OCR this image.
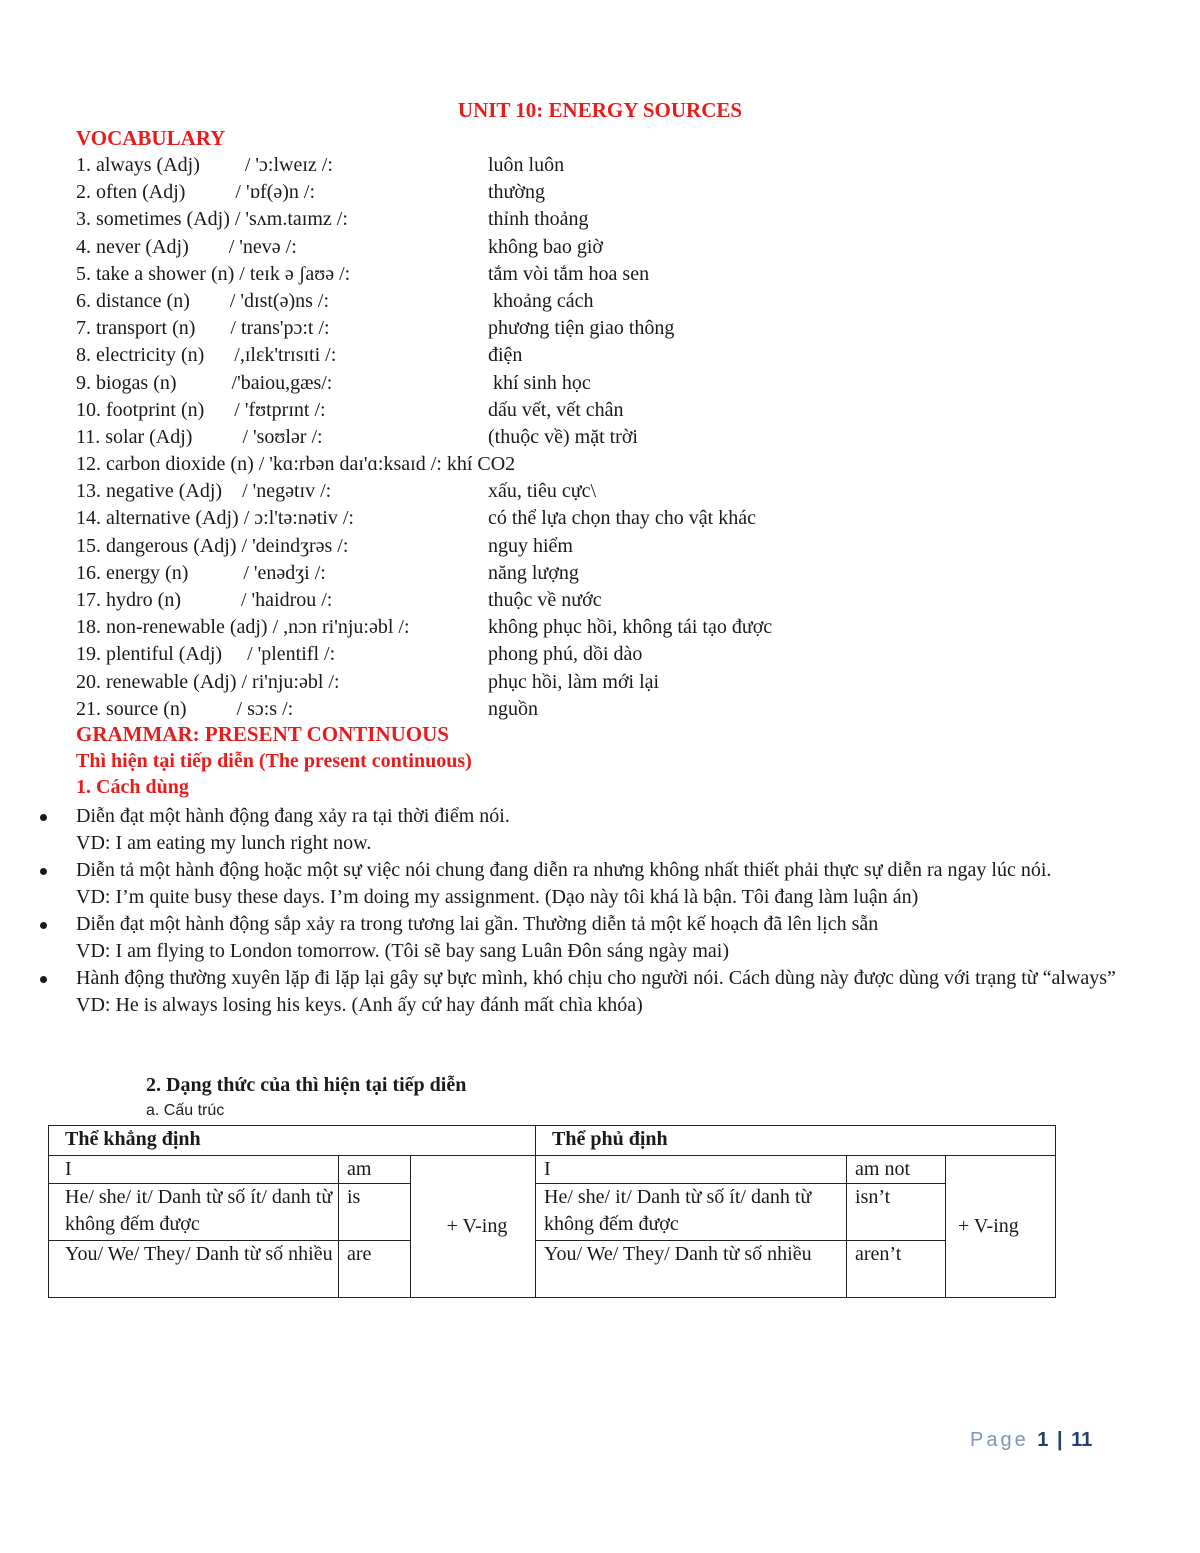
UNIT 10: ENERGY SOURCES
VOCABULARY
1. always (Adj)         / 'ɔ:lweɪz /:	luôn luôn
2. often (Adj)          / 'ɒf(ə)n /:	thường
3. sometimes (Adj) / 'sʌm.taɪmz /:	thỉnh thoảng
4. never (Adj)        / 'nevə /:	không bao giờ
5. take a shower (n) / teɪk ə ʃaʊə /:	tắm vòi tắm hoa sen
6. distance (n)        / 'dɪst(ə)ns /:	khoảng cách
7. transport (n)       / trans'pɔ:t /:	phương tiện giao thông
8. electricity (n)      /,ɪlɛk'trɪsɪti /:	điện
9. biogas (n)           /'baiou,gæs/:	khí sinh học
10. footprint (n)      / 'fʊtprɪnt /:	dấu vết, vết chân
11. solar (Adj)          / 'soʊlər /:	(thuộc về) mặt trời
12. carbon dioxide (n) / 'kɑ:rbən daɪ'ɑ:ksaɪd /: khí CO2
13. negative (Adj)    / 'negətɪv /:	xấu, tiêu cực\
14. alternative (Adj) / ɔ:l'tə:nətiv /:	có thể lựa chọn thay cho vật khác
15. dangerous (Adj) / 'deindʒrəs /:	nguy hiểm
16. energy (n)           / 'enədʒi /:	năng lượng
17. hydro (n)            / 'haidrou /:	thuộc về nước
18. non-renewable (adj) / ,nɔn ri'nju:əbl /:	không phục hồi, không tái tạo được
19. plentiful (Adj)     / 'plentifl /:	phong phú, dồi dào
20. renewable (Adj) / ri'nju:əbl /:	phục hồi, làm mới lại
21. source (n)          / sɔ:s /:	nguồn
GRAMMAR: PRESENT CONTINUOUS
Thì hiện tại tiếp diễn (The present continuous)
1. Cách dùng
Diễn đạt một hành động đang xảy ra tại thời điểm nói.
VD: I am eating my lunch right now.
Diễn tả một hành động hoặc một sự việc nói chung đang diễn ra nhưng không nhất thiết phải thực sự diễn ra ngay lúc nói.
VD: I’m quite busy these days. I’m doing my assignment. (Dạo này tôi khá là bận. Tôi đang làm luận án)
Diễn đạt một hành động sắp xảy ra trong tương lai gần. Thường diễn tả một kế hoạch đã lên lịch sẵn
VD: I am flying to London tomorrow. (Tôi sẽ bay sang Luân Đôn sáng ngày mai)
Hành động thường xuyên lặp đi lặp lại gây sự bực mình, khó chịu cho người nói. Cách dùng này được dùng với trạng từ “always”
VD: He is always losing his keys. (Anh ấy cứ hay đánh mất chìa khóa)
2. Dạng thức của thì hiện tại tiếp diễn
a. Cấu trúc
Thể khẳng định			Thể phủ định		
I	am	+ V-ing	I	am not	+ V-ing
He/ she/ it/ Danh từ số ít/ danh từ không đếm được	is		He/ she/ it/ Danh từ số ít/ danh từ không đếm được	isn’t	
You/ We/ They/ Danh từ số nhiều	are		You/ We/ They/ Danh từ số nhiều	aren’t	
Page 1 | 11
